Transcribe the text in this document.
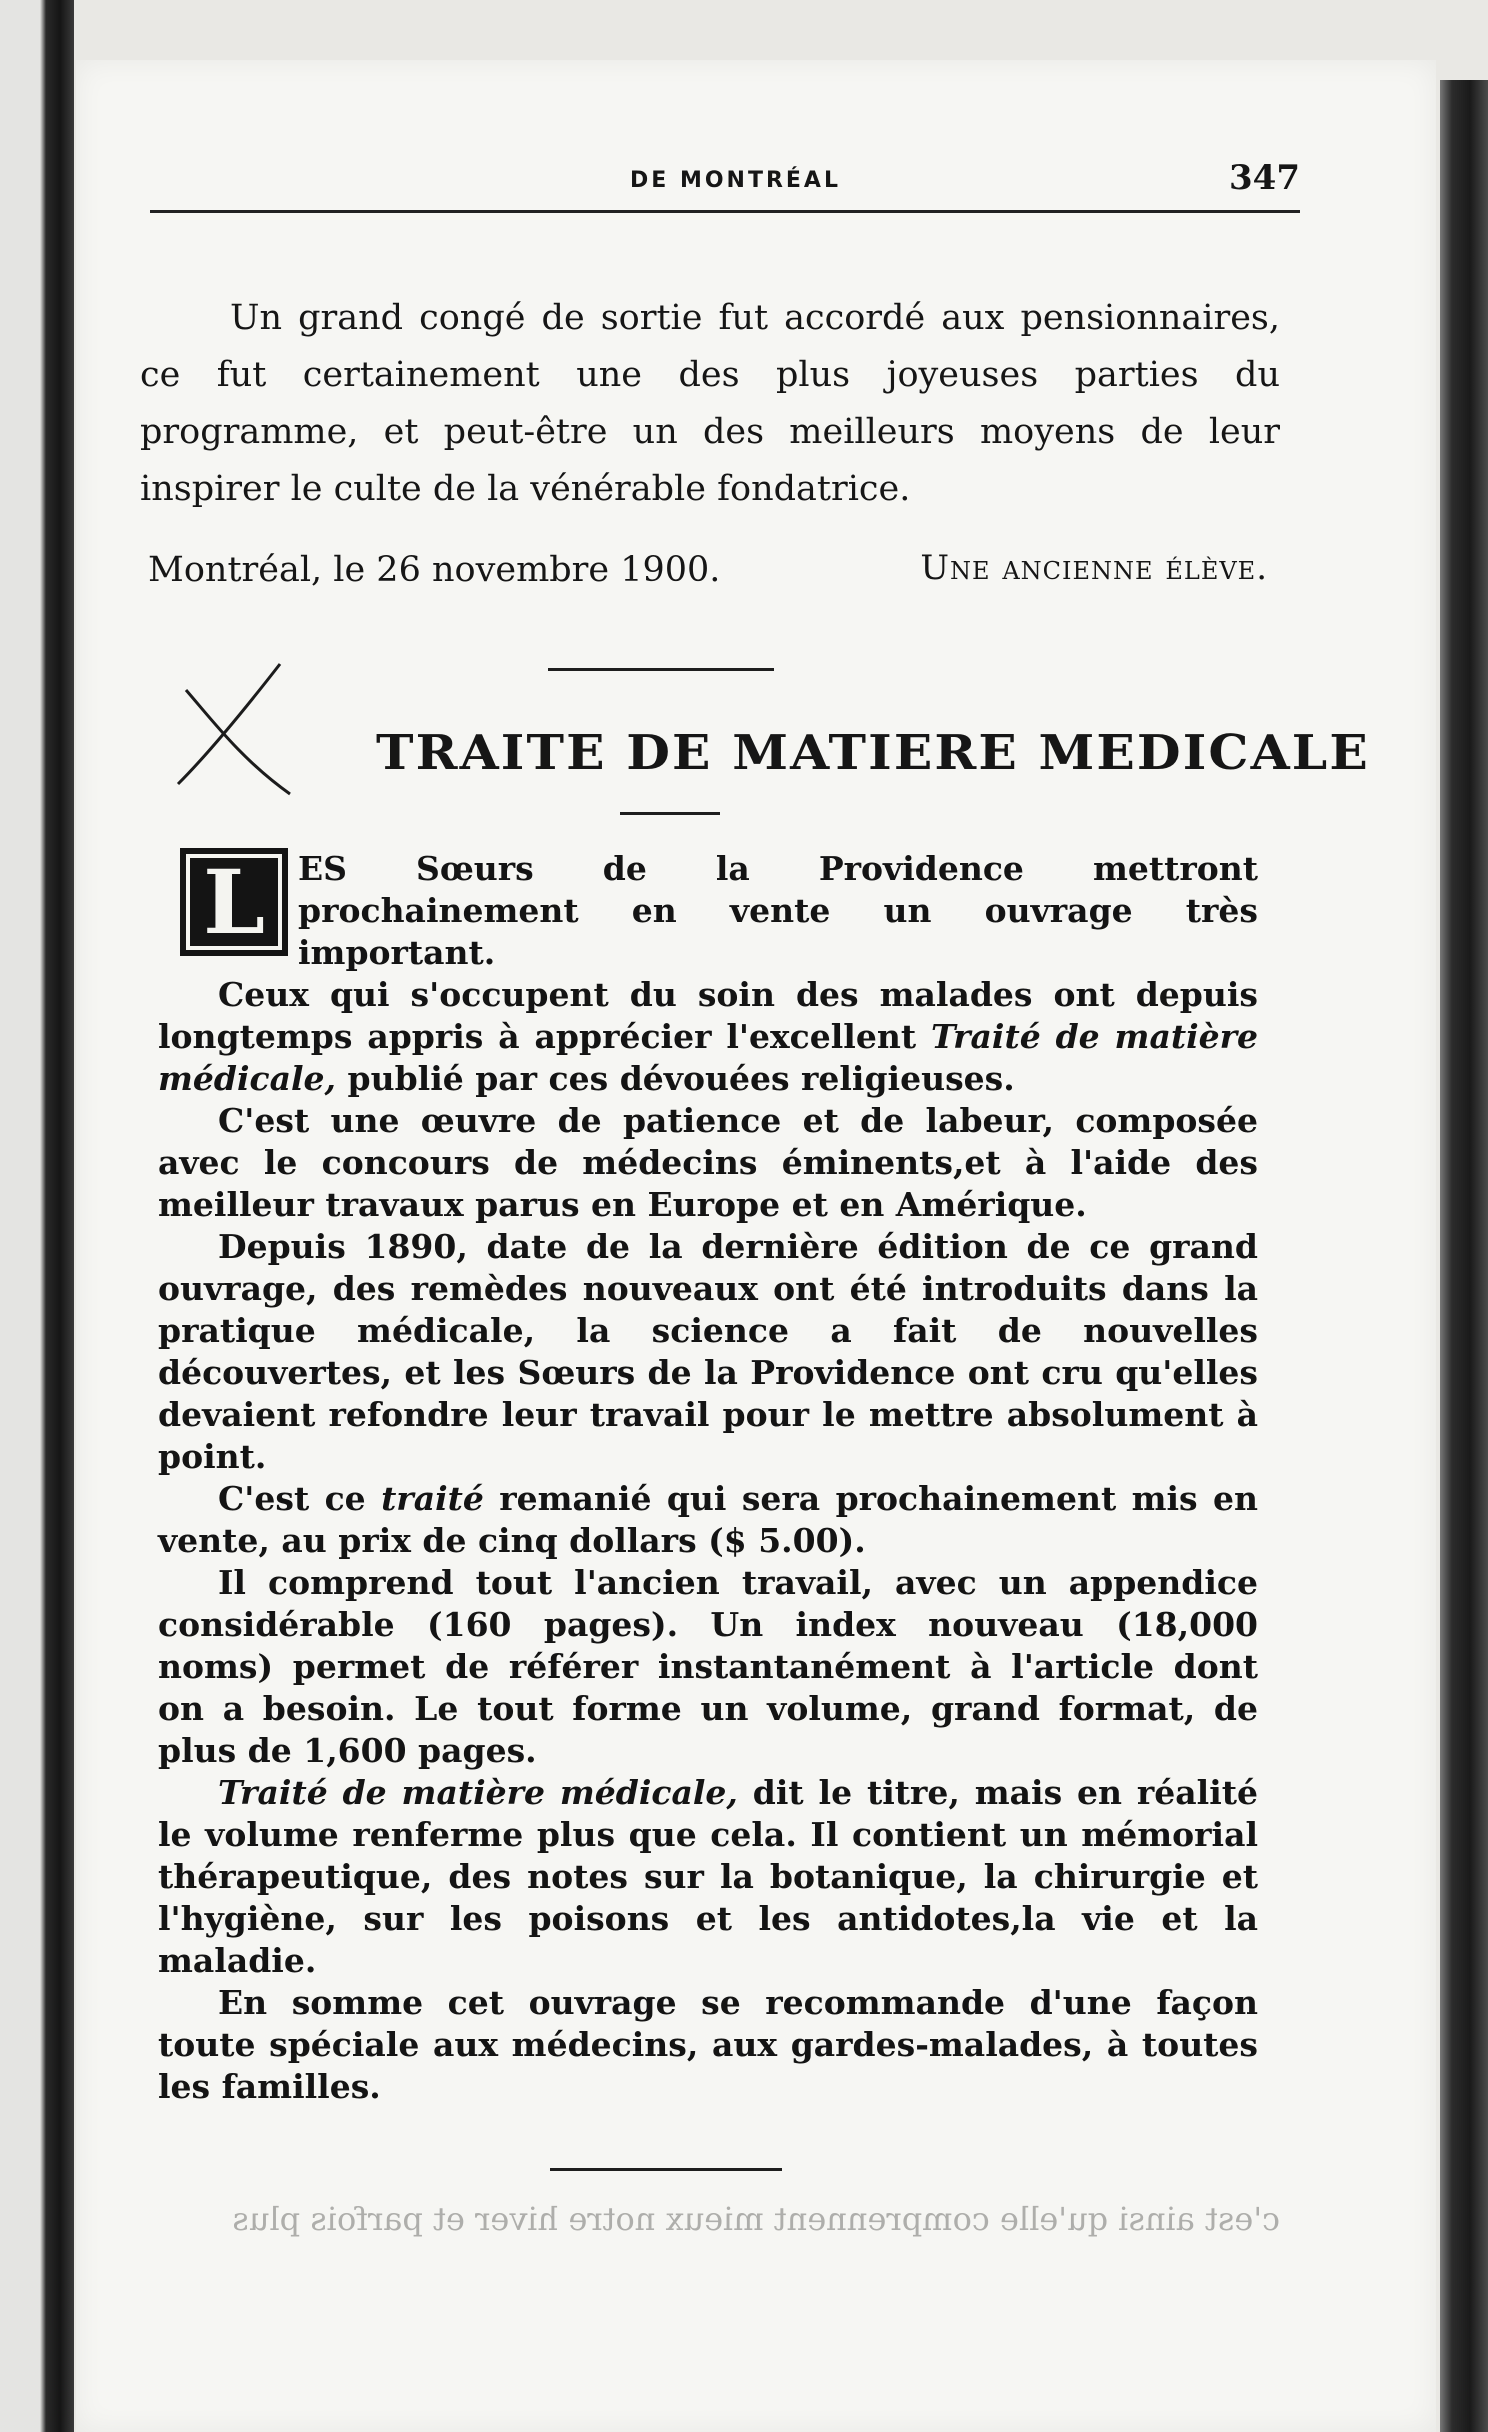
DE MONTRÉAL	347

Un grand congé de sortie fut accordé aux pensionnaires, ce fut certainement une des plus joyeuses parties du programme, et peut-être un des meilleurs moyens de leur inspirer le culte de la vénérable fondatrice.

Montréal, le 26 novembre 1900.	Une ancienne élève.
TRAITE DE MATIERE MEDICALE
L	ES Sœurs de la Providence mettront prochainement en vente un ouvrage très important.

Ceux qui s'occupent du soin des malades ont depuis longtemps appris à apprécier l'excellent Traité de matière médicale, publié par ces dévouées religieuses.

C'est une œuvre de patience et de labeur, composée avec le concours de médecins éminents,et à l'aide des meilleur travaux parus en Europe et en Amérique.

Depuis 1890, date de la dernière édition de ce grand ouvrage, des remèdes nouveaux ont été introduits dans la pratique médicale, la science a fait de nouvelles découvertes, et les Sœurs de la Providence ont cru qu'elles devaient refondre leur travail pour le mettre absolument à point.

C'est ce traité remanié qui sera prochainement mis en vente, au prix de cinq dollars ($ 5.00).

Il comprend tout l'ancien travail, avec un appendice considérable (160 pages). Un index nouveau (18,000 noms) permet de référer instantanément à l'article dont on a besoin. Le tout forme un volume, grand format, de plus de 1,600 pages.

Traité de matière médicale, dit le titre, mais en réalité le volume renferme plus que cela. Il contient un mémorial thérapeutique, des notes sur la botanique, la chirurgie et l'hygiène, sur les poisons et les antidotes,la vie et la maladie.

En somme cet ouvrage se recommande d'une façon toute spéciale aux médecins, aux gardes-malades, à toutes les familles.

c'est ainsi qu'elle comprennent mieux notre hiver et parfois plus
